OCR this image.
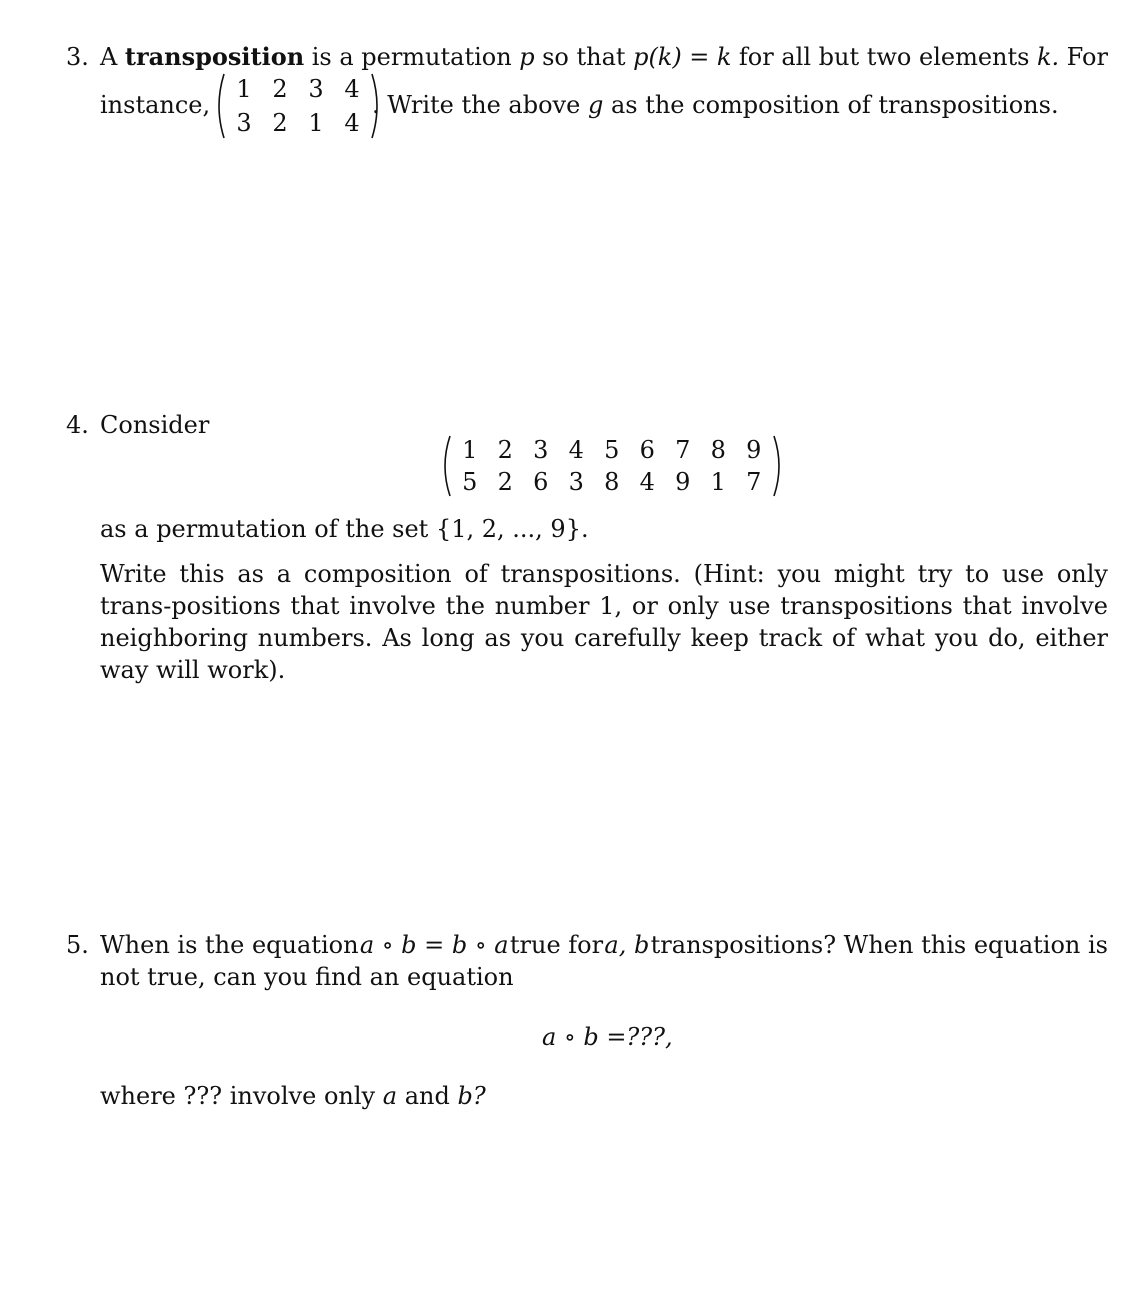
3. A transposition is a permutation p so that p(k) = k for all but two elements k. For
instance,
1 2 3 4
3 2 1 4
. Write the above g as the composition of transpositions.
4. Consider
1 2 3 4 5 6 7 8 9
5 2 6 3 8 4 9 1 7
as a permutation of the set {1, 2, ..., 9}.
Write this as a composition of transpositions. (Hint: you might try to use only trans-positions that involve the number 1, or only use transpositions that involve neighboring numbers. As long as you carefully keep track of what you do, either way will work).
5. When is the equation a ∘ b = b ∘ a true for a, b transpositions? When this equation is
not true, can you find an equation
a ∘ b =???,
where ??? involve only a and b?
